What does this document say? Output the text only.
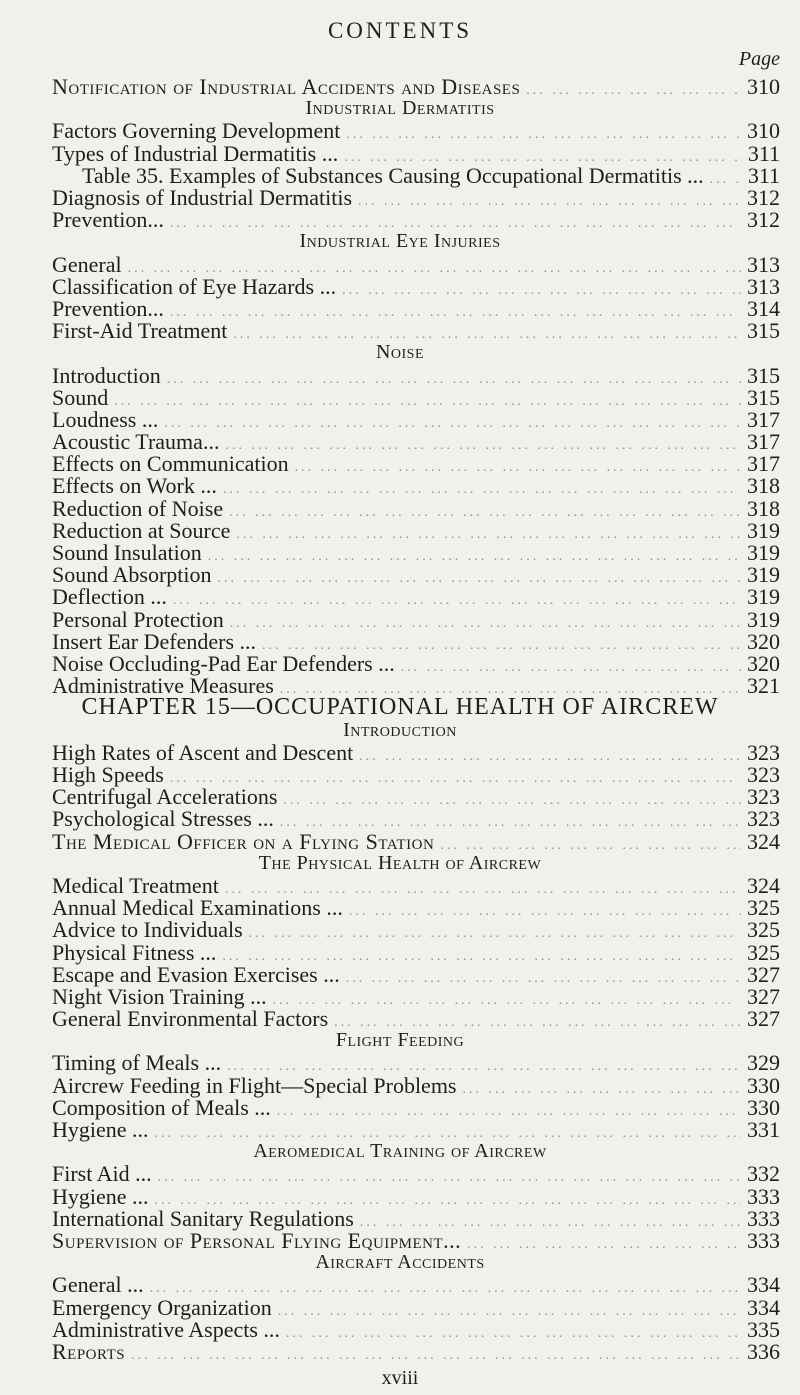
CONTENTS
Page
Notification of Industrial Accidents and Diseases ... .	310
Industrial Dermatitis
Factors Governing Development ... .	310
Types of Industrial Dermatitis ... ... .	311
Table 35. Examples of Substances Causing Occupational Dermatitis ... ... . 311
Diagnosis of Industrial Dermatitis ... .	312
Prevention... ... .	312
Industrial Eye Injuries
General ... .	313
Classification of Eye Hazards ... ... .	313
Prevention... ... .	314
First-Aid Treatment ... .	315
Noise
Introduction ... .	315
Sound ... .	315
Loudness ... ... .	317
Acoustic Trauma... ... .	317
Effects on Communication ... .	317
Effects on Work ... ... .	318
Reduction of Noise ... .	318
Reduction at Source ... .	319
Sound Insulation ... .	319
Sound Absorption ... .	319
Deflection ... ... .	319
Personal Protection ... .	319
Insert Ear Defenders ... ... .	320
Noise Occluding-Pad Ear Defenders ... ... .	320
Administrative Measures ... .	321
CHAPTER 15—OCCUPATIONAL HEALTH OF AIRCREW
Introduction
High Rates of Ascent and Descent ... .	323
High Speeds ... .	323
Centrifugal Accelerations ... .	323
Psychological Stresses ... ... .	323
The Medical Officer on a Flying Station ... .	324
The Physical Health of Aircrew
Medical Treatment ... .	324
Annual Medical Examinations ... ... .	325
Advice to Individuals ... .	325
Physical Fitness ... ... .	325
Escape and Evasion Exercises ... ... .	327
Night Vision Training ... ... .	327
General Environmental Factors ... .	327
Flight Feeding
Timing of Meals ... ... .	329
Aircrew Feeding in Flight—Special Problems ... .	330
Composition of Meals ... ... .	330
Hygiene ... ... .	331
Aeromedical Training of Aircrew
First Aid ... ... .	332
Hygiene ... ... .	333
International Sanitary Regulations ... .	333
Supervision of Personal Flying Equipment... ... .	333
Aircraft Accidents
General ... ... .	334
Emergency Organization ... .	334
Administrative Aspects ... ... .	335
Reports ... .	336
xviii
